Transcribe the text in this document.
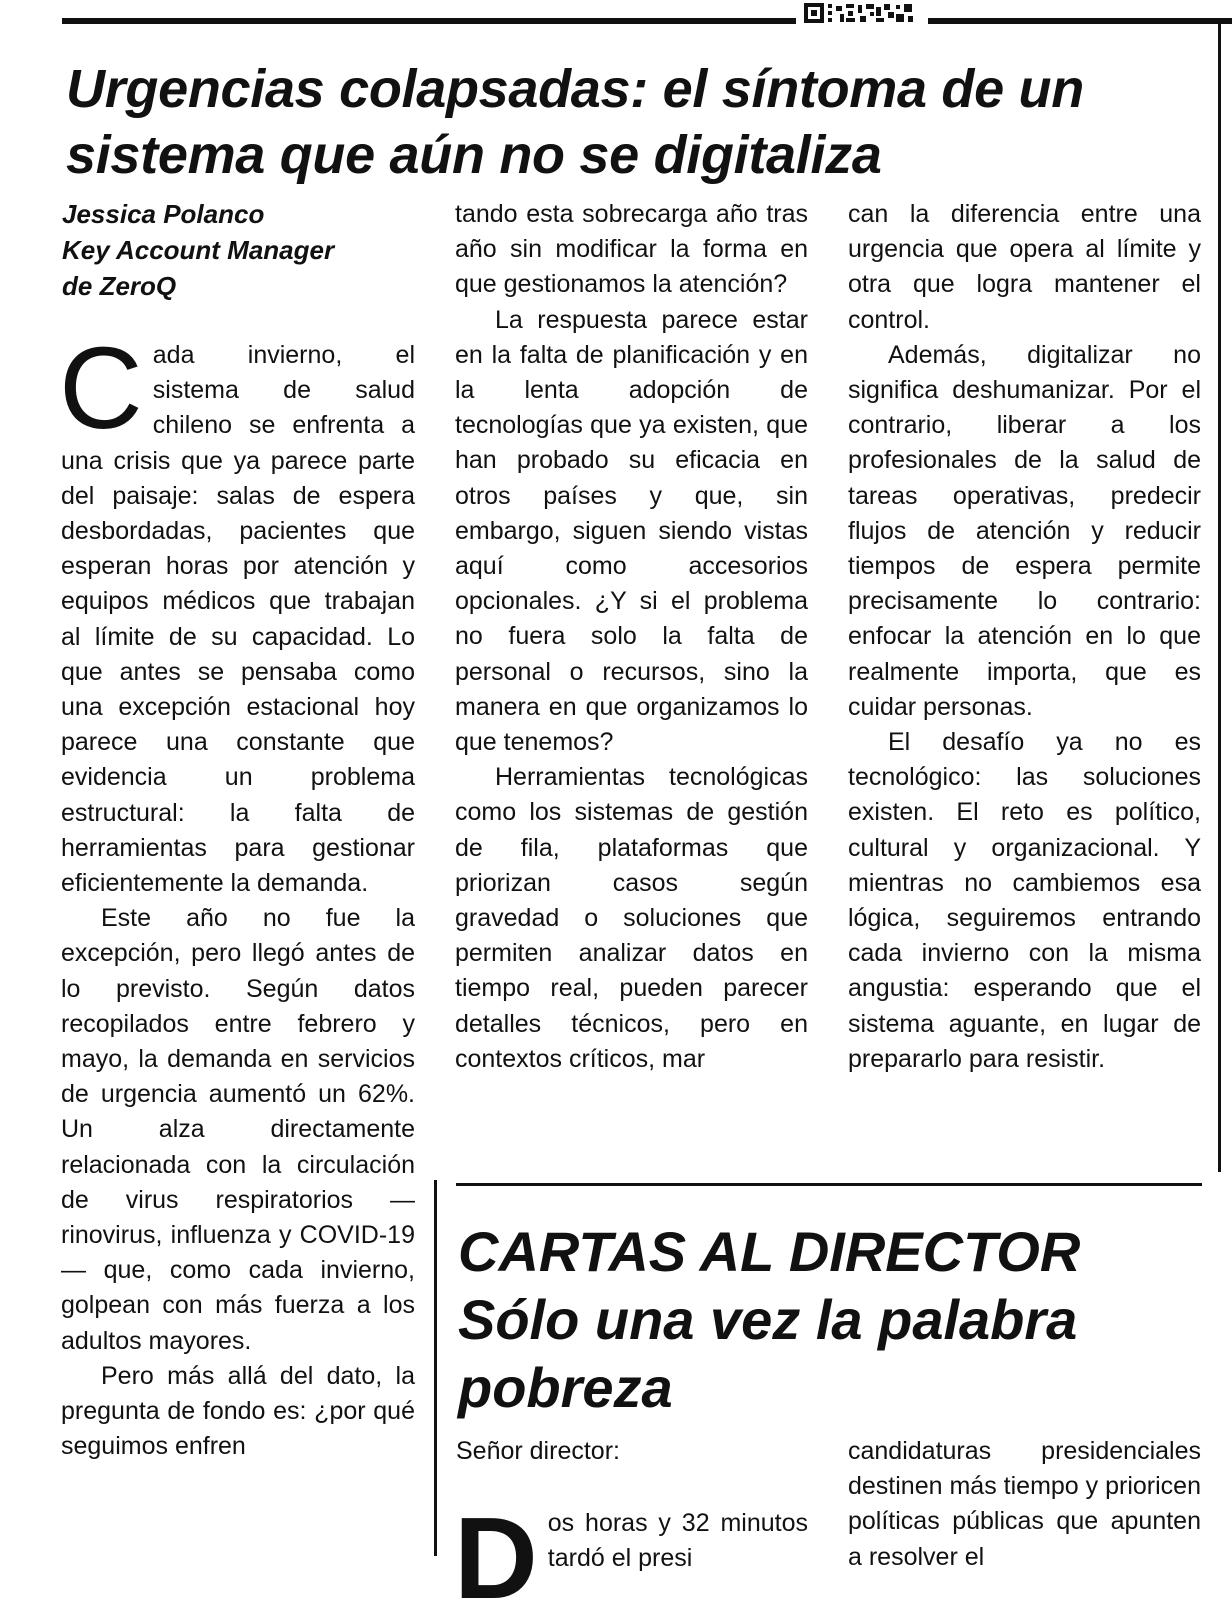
Urgencias colapsadas: el síntoma de un sistema que aún no se digitaliza
Jessica Polanco
Key Account Manager
de ZeroQ

Cada invierno, el sistema de salud chileno se enfrenta a una crisis que ya parece parte del paisaje: salas de espera desbordadas, pacientes que esperan horas por atención y equipos médicos que trabajan al límite de su capacidad. Lo que antes se pensaba como una excepción estacional hoy parece una constante que evidencia un problema estructural: la falta de herramientas para gestionar eficientemente la demanda.

Este año no fue la excepción, pero llegó antes de lo previsto. Según datos recopilados entre febrero y mayo, la demanda en servicios de urgencia aumentó un 62%. Un alza directamente relacionada con la circulación de virus respiratorios —rinovirus, influenza y COVID-19— que, como cada invierno, golpean con más fuerza a los adultos mayores.

Pero más allá del dato, la pregunta de fondo es: ¿por qué seguimos enfren

tando esta sobrecarga año tras año sin modificar la forma en que gestionamos la atención?

La respuesta parece estar en la falta de planificación y en la lenta adopción de tecnologías que ya existen, que han probado su eficacia en otros países y que, sin embargo, siguen siendo vistas aquí como accesorios opcionales. ¿Y si el problema no fuera solo la falta de personal o recursos, sino la manera en que organizamos lo que tenemos?

Herramientas tecnológicas como los sistemas de gestión de fila, plataformas que priorizan casos según gravedad o soluciones que permiten analizar datos en tiempo real, pueden parecer detalles técnicos, pero en contextos críticos, mar

can la diferencia entre una urgencia que opera al límite y otra que logra mantener el control.

Además, digitalizar no significa deshumanizar. Por el contrario, liberar a los profesionales de la salud de tareas operativas, predecir flujos de atención y reducir tiempos de espera permite precisamente lo contrario: enfocar la atención en lo que realmente importa, que es cuidar personas.

El desafío ya no es tecnológico: las soluciones existen. El reto es político, cultural y organizacional. Y mientras no cambiemos esa lógica, seguiremos entrando cada invierno con la misma angustia: esperando que el sistema aguante, en lugar de prepararlo para resistir.

CARTAS AL DIRECTOR
Sólo una vez la palabra
pobreza
Señor director:

Dos horas y 32 minutos tardó el presi

candidaturas presidenciales destinen más tiempo y prioricen políticas públicas que apunten a resolver el
